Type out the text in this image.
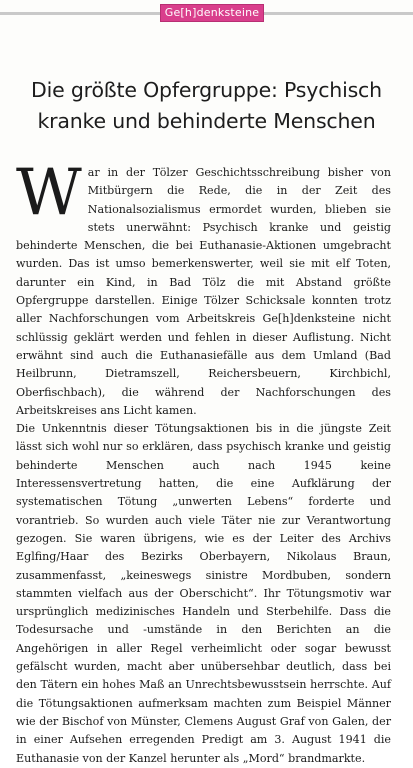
Ge[h]denksteine
Die größte Opfergruppe: Psychisch
kranke und behinderte Menschen

W ar in der Tölzer Geschichtsschreibung bisher von Mitbürgern die Rede, die in der Zeit des Nationalsozialismus ermordet wurden, blieben sie stets unerwähnt: Psychisch kranke und geistig behinderte Menschen, die bei Euthanasie-Aktionen umgebracht wurden. Das ist umso bemerkenswerter, weil sie mit elf Toten, darunter ein Kind, in Bad Tölz die mit Abstand größte Opfergruppe darstellen. Einige Tölzer Schicksale konnten trotz aller Nachforschungen vom Arbeitskreis Ge[h]denksteine nicht schlüssig geklärt werden und fehlen in dieser Auflistung. Nicht erwähnt sind auch die Euthanasiefälle aus dem Umland (Bad Heilbrunn, Dietramszell, Reichersbeuern, Kirchbichl, Oberfischbach), die während der Nachforschungen des Arbeitskreises ans Licht kamen.

Die Unkenntnis dieser Tötungsaktionen bis in die jüngste Zeit lässt sich wohl nur so erklären, dass psychisch kranke und geistig behinderte Menschen auch nach 1945 keine Interessensvertretung hatten, die eine Aufklärung der systematischen Tötung „unwerten Lebens“ forderte und vorantrieb. So wurden auch viele Täter nie zur Verantwortung gezogen. Sie waren übrigens, wie es der Leiter des Archivs Eglfing/Haar des Bezirks Oberbayern, Nikolaus Braun, zusammenfasst, „keineswegs sinistre Mordbuben, sondern stammten vielfach aus der Oberschicht“. Ihr Tötungsmotiv war ursprünglich medizinisches Handeln und Sterbehilfe. Dass die Todesursache und -umstände in den Berichten an die Angehörigen in aller Regel verheimlicht oder sogar bewusst gefälscht wurden, macht aber unübersehbar deutlich, dass bei den Tätern ein hohes Maß an Unrechtsbewusstsein herrschte. Auf die Tötungsaktionen aufmerksam machten zum Beispiel Männer wie der Bischof von Münster, Clemens August Graf von Galen, der in einer Aufsehen erregenden Predigt am 3. August 1941 die Euthanasie von der Kanzel herunter als „Mord“ brandmarkte.
